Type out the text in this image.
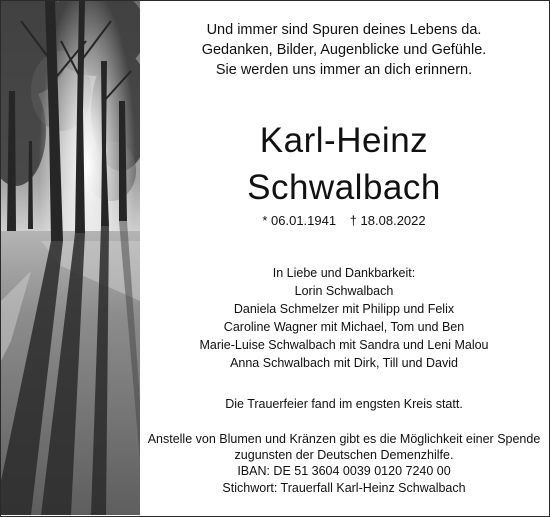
Und immer sind Spuren deines Lebens da.
Gedanken, Bilder, Augenblicke und Gefühle.
Sie werden uns immer an dich erinnern.
Karl-Heinz
Schwalbach
* 06.01.1941 † 18.08.2022
In Liebe und Dankbarkeit:
Lorin Schwalbach
Daniela Schmelzer mit Philipp und Felix
Caroline Wagner mit Michael, Tom und Ben
Marie-Luise Schwalbach mit Sandra und Leni Malou
Anna Schwalbach mit Dirk, Till und David
Die Trauerfeier fand im engsten Kreis statt.
Anstelle von Blumen und Kränzen gibt es die Möglichkeit einer Spende
zugunsten der Deutschen Demenzhilfe.
IBAN: DE 51 3604 0039 0120 7240 00
Stichwort: Trauerfall Karl-Heinz Schwalbach
